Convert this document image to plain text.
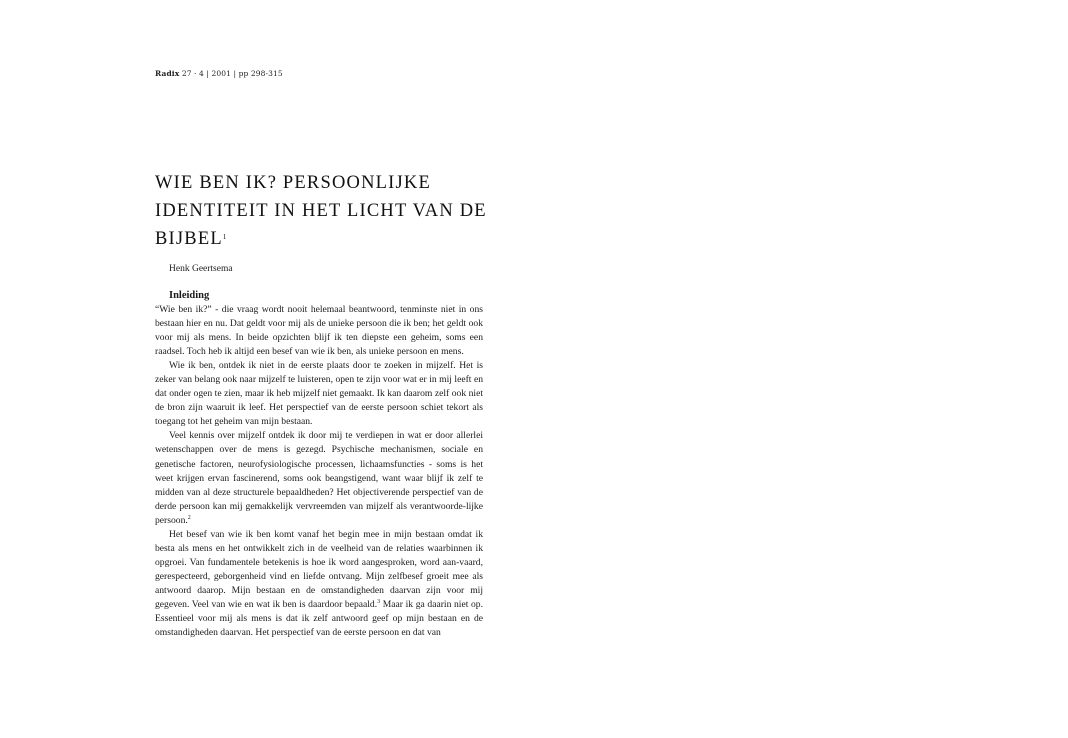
Radix 27 · 4 | 2001 | pp 298-315
WIE BEN IK? PERSOONLIJKE IDENTITEIT IN HET LICHT VAN DE BIJBEL$^1$
Henk Geertsema
Inleiding

“Wie ben ik?” - die vraag wordt nooit helemaal beantwoord, tenminste niet in ons bestaan hier en nu. Dat geldt voor mij als de unieke persoon die ik ben; het geldt ook voor mij als mens. In beide opzichten blijf ik ten diepste een geheim, soms een raadsel. Toch heb ik altijd een besef van wie ik ben, als unieke persoon en mens.

Wie ik ben, ontdek ik niet in de eerste plaats door te zoeken in mijzelf. Het is zeker van belang ook naar mijzelf te luisteren, open te zijn voor wat er in mij leeft en dat onder ogen te zien, maar ik heb mijzelf niet gemaakt. Ik kan daarom zelf ook niet de bron zijn waaruit ik leef. Het perspectief van de eerste persoon schiet tekort als toegang tot het geheim van mijn bestaan.

Veel kennis over mijzelf ontdek ik door mij te verdiepen in wat er door allerlei wetenschappen over de mens is gezegd. Psychische mechanismen, sociale en genetische factoren, neurofysiologische processen, lichaamsfuncties - soms is het weet krijgen ervan fascinerend, soms ook beangstigend, want waar blijf ik zelf te midden van al deze structurele bepaaldheden? Het objectiverende perspectief van de derde persoon kan mij gemakkelijk vervreemden van mijzelf als verantwoorde-lijke persoon.$^2$

Het besef van wie ik ben komt vanaf het begin mee in mijn bestaan omdat ik besta als mens en het ontwikkelt zich in de veelheid van de relaties waarbinnen ik opgroei. Van fundamentele betekenis is hoe ik word aangesproken, word aan-vaard, gerespecteerd, geborgenheid vind en liefde ontvang. Mijn zelfbesef groeit mee als antwoord daarop. Mijn bestaan en de omstandigheden daarvan zijn voor mij gegeven. Veel van wie en wat ik ben is daardoor bepaald.$^3$ Maar ik ga daarin niet op. Essentieel voor mij als mens is dat ik zelf antwoord geef op mijn bestaan en de omstandigheden daarvan. Het perspectief van de eerste persoon en dat van
